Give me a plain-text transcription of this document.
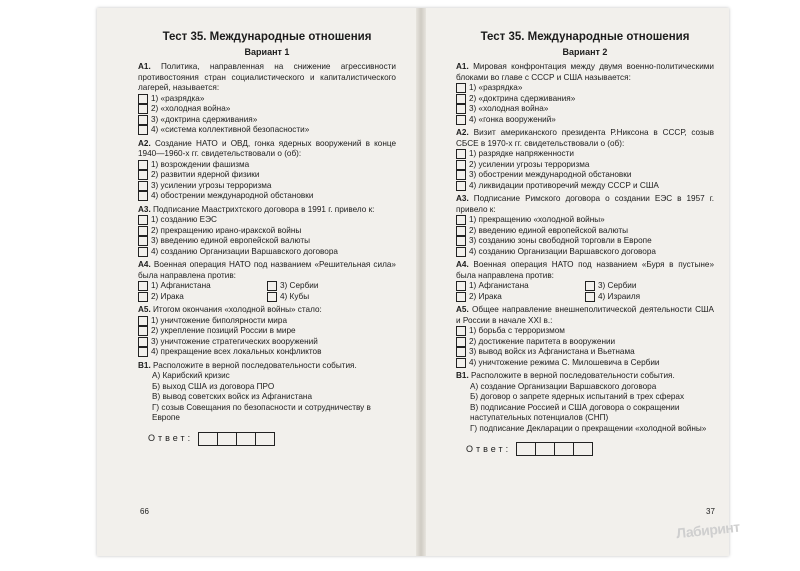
Тест 35. Международные отношения
Вариант 1
А1. Политика, направленная на снижение агрессивности противостояния стран социалистического и капиталистического лагерей, называется:
1) «разрядка»
2) «холодная война»
3) «доктрина сдерживания»
4) «система коллективной безопасности»
А2. Создание НАТО и ОВД, гонка ядерных вооружений в конце 1940—1960-х гг. свидетельствовали о (об):
1) возрождении фашизма
2) развитии ядерной физики
3) усилении угрозы терроризма
4) обострении международной обстановки
А3. Подписание Маастрихтского договора в 1991 г. привело к:
1) созданию ЕЭС
2) прекращению ирано-иракской войны
3) введению единой европейской валюты
4) созданию Организации Варшавского договора
А4. Военная операция НАТО под названием «Решительная сила» была направлена против:
1) Афганистана	3) Сербии
2) Ирака	4) Кубы
А5. Итогом окончания «холодной войны» стало:
1) уничтожение биполярности мира
2) укрепление позиций России в мире
3) уничтожение стратегических вооружений
4) прекращение всех локальных конфликтов
В1. Расположите в верной последовательности события.
А) Карибский кризис
Б) выход США из договора ПРО
В) вывод советских войск из Афганистана
Г) созыв Совещания по безопасности и сотрудничеству в Европе
Ответ:
Тест 35. Международные отношения
Вариант 2
А1. Мировая конфронтация между двумя военно-политическими блоками во главе с СССР и США называется:
1) «разрядка»
2) «доктрина сдерживания»
3) «холодная война»
4) «гонка вооружений»
А2. Визит американского президента Р.Никсона в СССР, созыв СБСЕ в 1970-х гг. свидетельствовали о (об):
1) разрядке напряженности
2) усилении угрозы терроризма
3) обострении международной обстановки
4) ликвидации противоречий между СССР и США
А3. Подписание Римского договора о создании ЕЭС в 1957 г. привело к:
1) прекращению «холодной войны»
2) введению единой европейской валюты
3) созданию зоны свободной торговли в Европе
4) созданию Организации Варшавского договора
А4. Военная операция НАТО под названием «Буря в пустыне» была направлена против:
1) Афганистана	3) Сербии
2) Ирака	4) Израиля
А5. Общее направление внешнеполитической деятельности США и России в начале XXI в.:
1) борьба с терроризмом
2) достижение паритета в вооружении
3) вывод войск из Афганистана и Вьетнама
4) уничтожение режима С. Милошевича в Сербии
В1. Расположите в верной последовательности события.
А) создание Организации Варшавского договора
Б) договор о запрете ядерных испытаний в трех сферах
В) подписание Россией и США договора о сокращении наступательных потенциалов (СНП)
Г) подписание Декларации о прекращении «холодной войны»
Ответ:
66	37
Лабиринт
